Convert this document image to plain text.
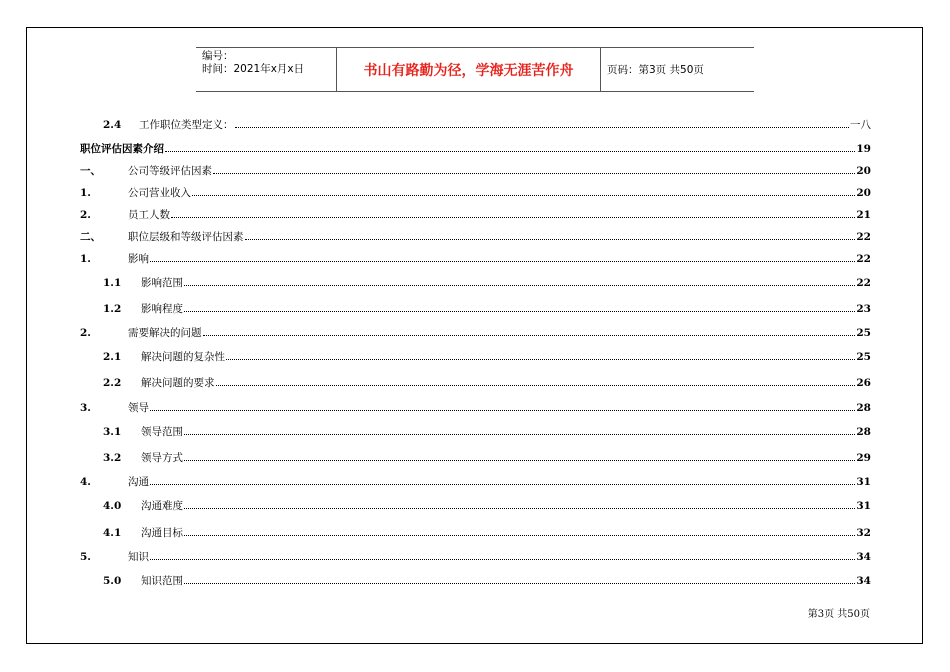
编号：
时间：2021年x月x日	书山有路勤为径，学海无涯苦作舟	页码：第3页 共50页
2.4	工作职位类型定义：	一八
职位评估因素介绍	19
一、	公司等级评估因素	20
1.	公司营业收入	20
2.	员工人数	21
二、	职位层级和等级评估因素	22
1.	影响	22
1.1	影响范围	22
1.2	影响程度	23
2.	需要解决的问题	25
2.1	解决问题的复杂性	25
2.2	解决问题的要求	26
3.	领导	28
3.1	领导范围	28
3.2	领导方式	29
4.	沟通	31
4.0	沟通难度	31
4.1	沟通目标	32
5.	知识	34
5.0	知识范围	34
第3页 共50页
